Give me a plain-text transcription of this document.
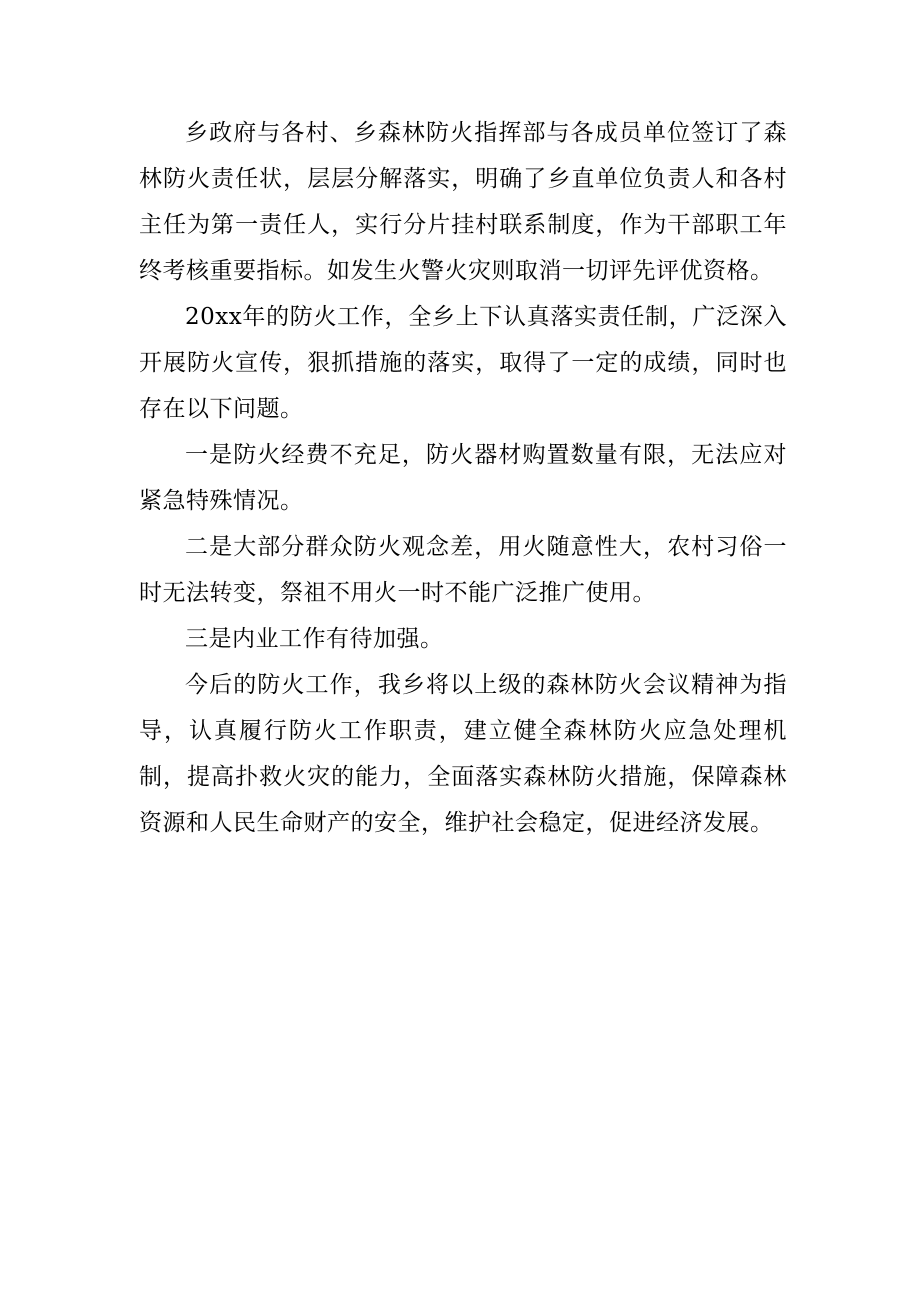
乡政府与各村、乡森林防火指挥部与各成员单位签订了森林防火责任状，层层分解落实，明确了乡直单位负责人和各村主任为第一责任人，实行分片挂村联系制度，作为干部职工年终考核重要指标。如发生火警火灾则取消一切评先评优资格。

20xx年的防火工作，全乡上下认真落实责任制，广泛深入开展防火宣传，狠抓措施的落实，取得了一定的成绩，同时也存在以下问题。

一是防火经费不充足，防火器材购置数量有限，无法应对紧急特殊情况。

二是大部分群众防火观念差，用火随意性大，农村习俗一时无法转变，祭祖不用火一时不能广泛推广使用。

三是内业工作有待加强。

今后的防火工作，我乡将以上级的森林防火会议精神为指导，认真履行防火工作职责，建立健全森林防火应急处理机制，提高扑救火灾的能力，全面落实森林防火措施，保障森林资源和人民生命财产的安全，维护社会稳定，促进经济发展。
